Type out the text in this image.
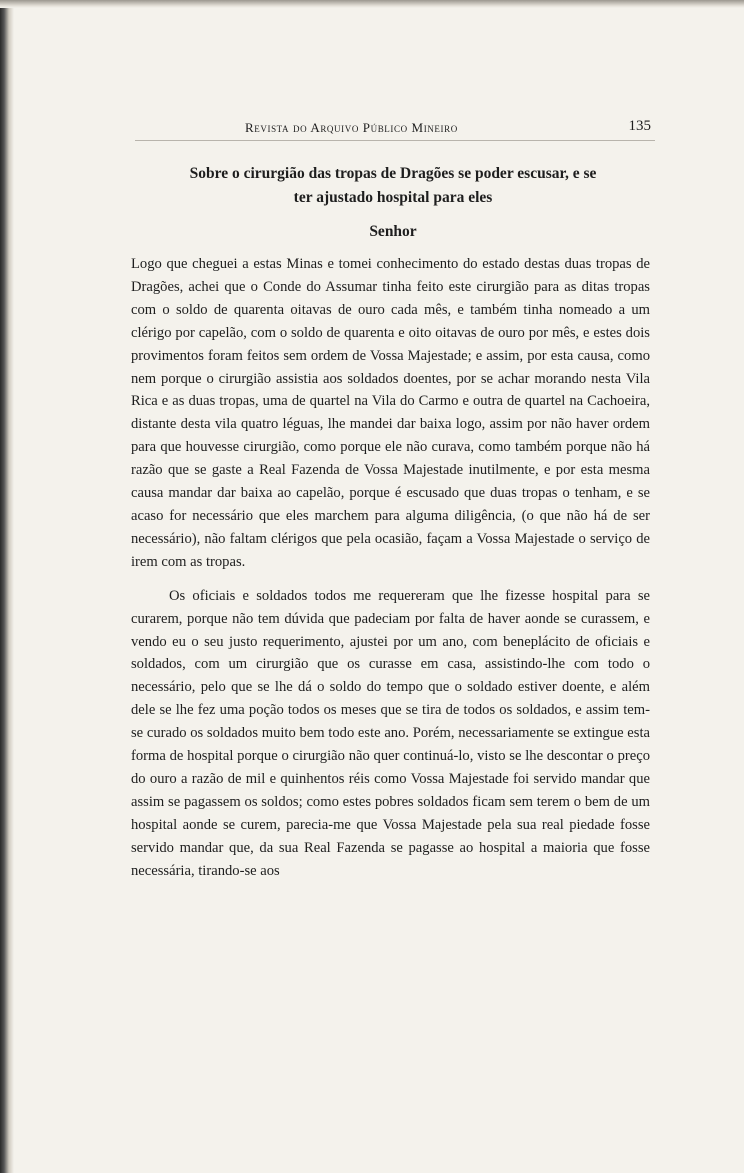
Revista do Arquivo Público Mineiro	135
Sobre o cirurgião das tropas de Dragões se poder escusar, e se
ter ajustado hospital para eles
Senhor

Logo que cheguei a estas Minas e tomei conhecimento do estado destas duas tropas de Dragões, achei que o Conde do Assumar tinha feito este cirurgião para as ditas tropas com o soldo de quarenta oitavas de ouro cada mês, e também tinha nomeado a um clérigo por capelão, com o soldo de quarenta e oito oitavas de ouro por mês, e estes dois provimentos foram feitos sem ordem de Vossa Majestade; e assim, por esta causa, como nem porque o cirurgião assistia aos soldados doentes, por se achar morando nesta Vila Rica e as duas tropas, uma de quartel na Vila do Carmo e outra de quartel na Cachoeira, distante desta vila quatro léguas, lhe mandei dar baixa logo, assim por não haver ordem para que houvesse cirurgião, como porque ele não curava, como também porque não há razão que se gaste a Real Fazenda de Vossa Majestade inutilmente, e por esta mesma causa mandar dar baixa ao capelão, porque é escusado que duas tropas o tenham, e se acaso for necessário que eles marchem para alguma diligência, (o que não há de ser necessário), não faltam clérigos que pela ocasião, façam a Vossa Majestade o serviço de irem com as tropas.

Os oficiais e soldados todos me requereram que lhe fizesse hospital para se curarem, porque não tem dúvida que padeciam por falta de haver aonde se curassem, e vendo eu o seu justo requerimento, ajustei por um ano, com beneplácito de oficiais e soldados, com um cirurgião que os curasse em casa, assistindo-lhe com todo o necessário, pelo que se lhe dá o soldo do tempo que o soldado estiver doente, e além dele se lhe fez uma poção todos os meses que se tira de todos os soldados, e assim tem-se curado os soldados muito bem todo este ano. Porém, necessariamente se extingue esta forma de hospital porque o cirurgião não quer continuá-lo, visto se lhe descontar o preço do ouro a razão de mil e quinhentos réis como Vossa Majestade foi servido mandar que assim se pagassem os soldos; como estes pobres soldados ficam sem terem o bem de um hospital aonde se curem, parecia-me que Vossa Majestade pela sua real piedade fosse servido mandar que, da sua Real Fazenda se pagasse ao hospital a maioria que fosse necessária, tirando-se aos
